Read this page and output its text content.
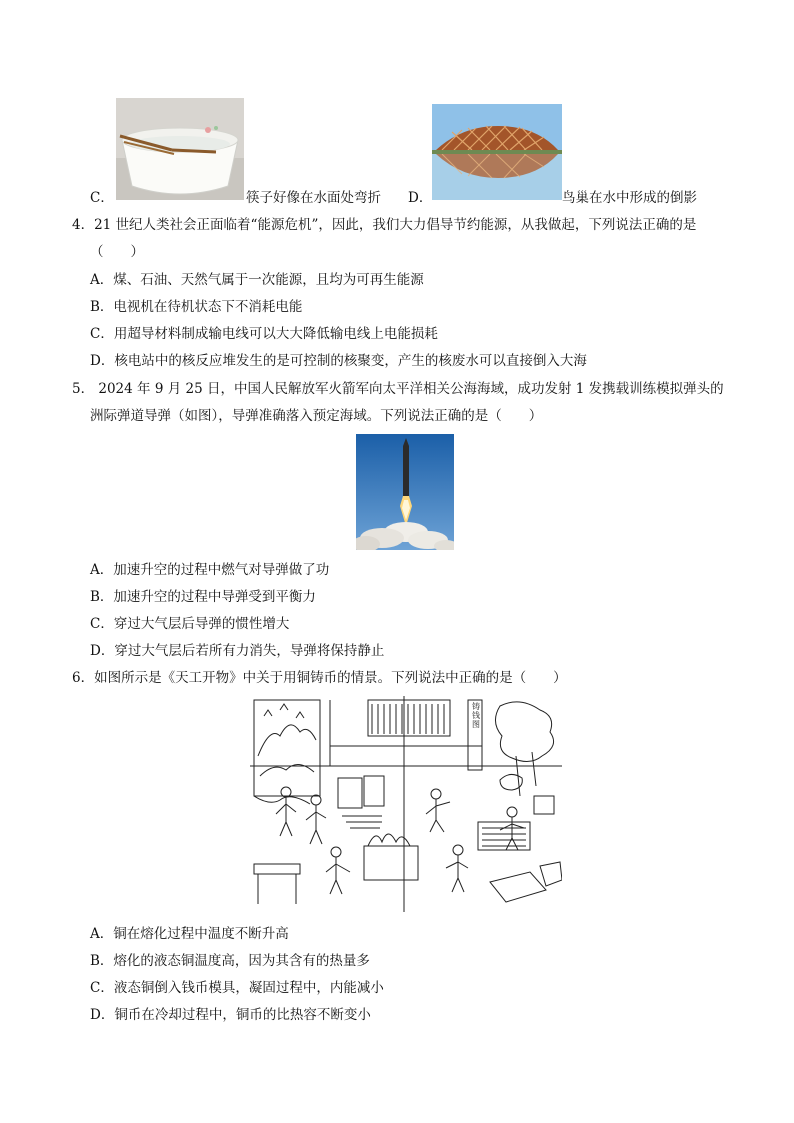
C．	筷子好像在水面处弯折 D．	鸟巢在水中形成的倒影
4．21 世纪人类社会正面临着“能源危机”，因此，我们大力倡导节约能源，从我做起，下列说法正确的是
（　　）
A．煤、石油、天然气属于一次能源，且均为可再生能源
B．电视机在待机状态下不消耗电能
C．用超导材料制成输电线可以大大降低输电线上电能损耗
D．核电站中的核反应堆发生的是可控制的核聚变，产生的核废水可以直接倒入大海
5． 2024 年 9 月 25 日，中国人民解放军火箭军向太平洋相关公海海域，成功发射 1 发携载训练模拟弹头的
洲际弹道导弹（如图），导弹准确落入预定海域。下列说法正确的是（　　）
A．加速升空的过程中燃气对导弹做了功
B．加速升空的过程中导弹受到平衡力
C．穿过大气层后导弹的惯性增大
D．穿过大气层后若所有力消失，导弹将保持静止
6．如图所示是《天工开物》中关于用铜铸币的情景。下列说法中正确的是（　　）
铸钱图
A．铜在熔化过程中温度不断升高
B．熔化的液态铜温度高，因为其含有的热量多
C．液态铜倒入钱币模具，凝固过程中，内能减小
D．铜币在冷却过程中，铜币的比热容不断变小
